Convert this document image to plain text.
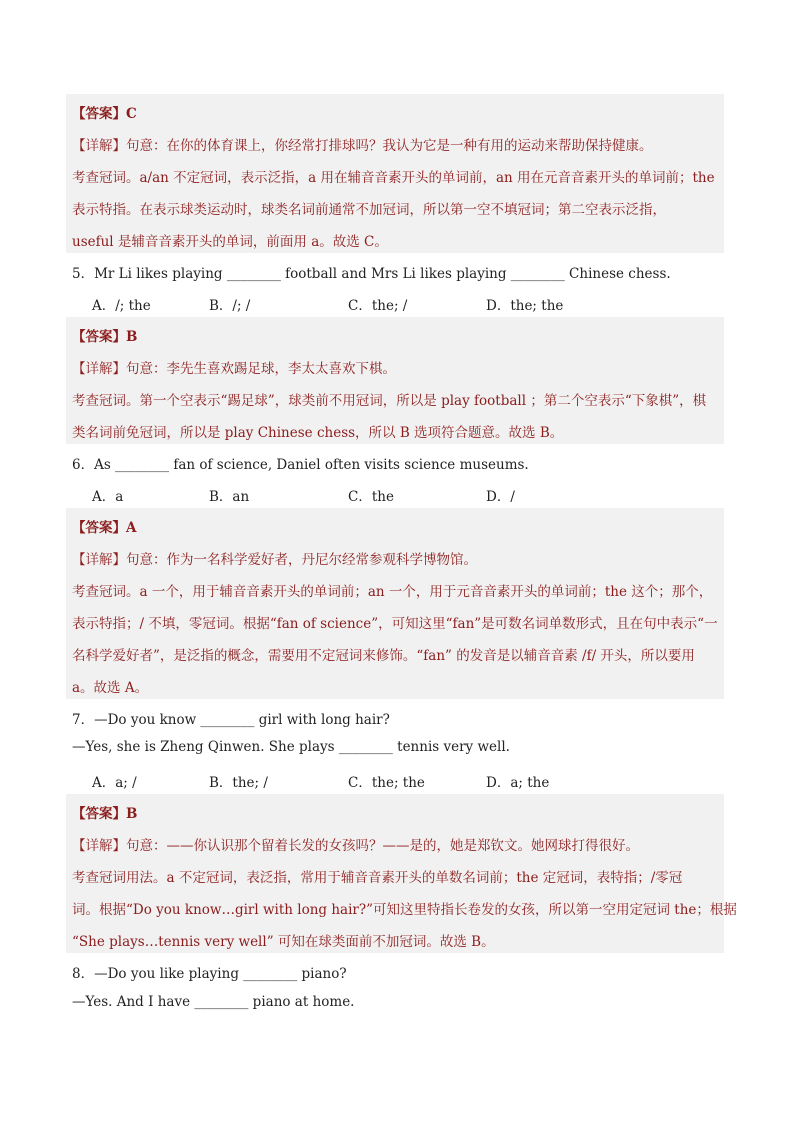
【答案】C
【详解】句意：在你的体育课上，你经常打排球吗？我认为它是一种有用的运动来帮助保持健康。
考查冠词。a/an 不定冠词，表示泛指，a 用在辅音音素开头的单词前，an 用在元音音素开头的单词前；the
表示特指。在表示球类运动时，球类名词前通常不加冠词，所以第一空不填冠词；第二空表示泛指，
useful 是辅音音素开头的单词，前面用 a。故选 C。
5．Mr Li likes playing ________ football and Mrs Li likes playing ________ Chinese chess.
A．/; the	B．/; /	C．the; /	D．the; the
【答案】B
【详解】句意：李先生喜欢踢足球，李太太喜欢下棋。
考查冠词。第一个空表示“踢足球”，球类前不用冠词，所以是 play football ；第二个空表示“下象棋”，棋
类名词前免冠词，所以是 play Chinese chess，所以 B 选项符合题意。故选 B。
6．As ________ fan of science, Daniel often visits science museums.
A．a	B．an	C．the	D．/
【答案】A
【详解】句意：作为一名科学爱好者，丹尼尔经常参观科学博物馆。
考查冠词。a 一个，用于辅音音素开头的单词前；an 一个，用于元音音素开头的单词前；the 这个；那个，
表示特指；/ 不填，零冠词。根据“fan of science”，可知这里“fan”是可数名词单数形式，且在句中表示“一
名科学爱好者”，是泛指的概念，需要用不定冠词来修饰。“fan” 的发音是以辅音音素 /f/ 开头，所以要用
a。故选 A。
7．—Do you know ________ girl with long hair?
—Yes, she is Zheng Qinwen. She plays ________ tennis very well.
A．a; /	B．the; /	C．the; the	D．a; the
【答案】B
【详解】句意：——你认识那个留着长发的女孩吗？——是的，她是郑钦文。她网球打得很好。
考查冠词用法。a 不定冠词，表泛指，常用于辅音音素开头的单数名词前；the 定冠词，表特指；/零冠
词。根据“Do you know…girl with long hair?”可知这里特指长卷发的女孩，所以第一空用定冠词 the；根据
“She plays…tennis very well” 可知在球类面前不加冠词。故选 B。
8．—Do you like playing ________ piano?
—Yes. And I have ________ piano at home.
